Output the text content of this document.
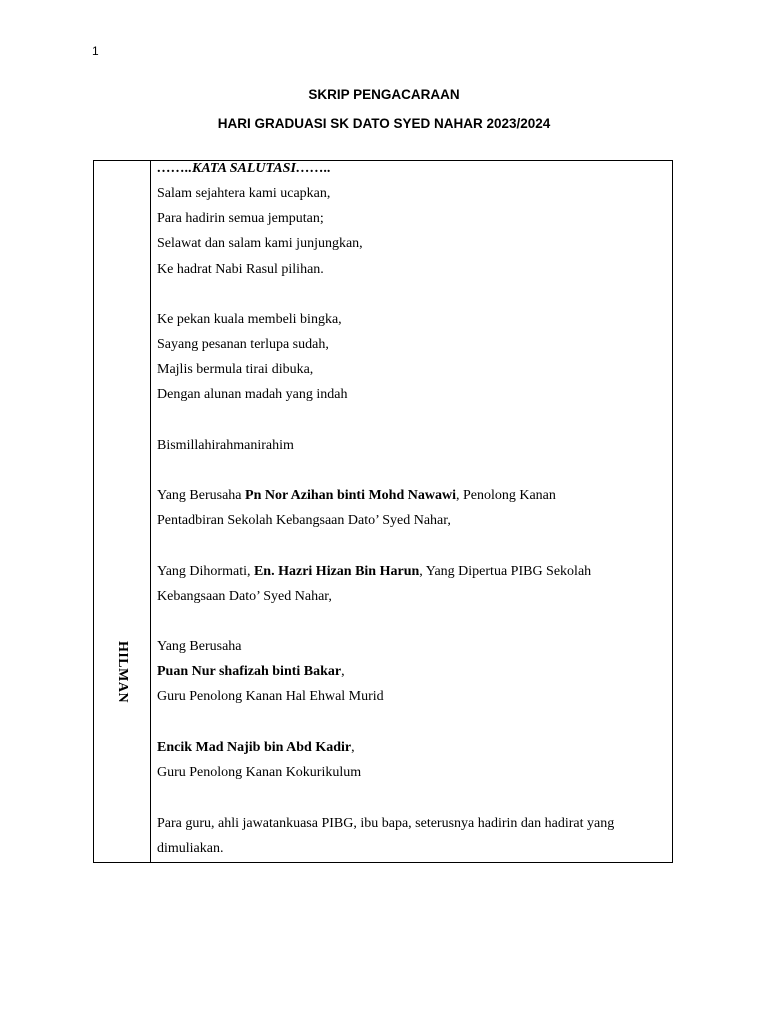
1
SKRIP PENGACARAAN
HARI GRADUASI SK DATO SYED NAHAR 2023/2024
HILMAN
……..KATA SALUTASI……..
Salam sejahtera kami ucapkan,
Para hadirin semua jemputan;
Selawat dan salam kami junjungkan,
Ke hadrat Nabi Rasul pilihan.
Ke pekan kuala membeli bingka,
Sayang pesanan terlupa sudah,
Majlis bermula tirai dibuka,
Dengan alunan madah yang indah
Bismillahirahmanirahim
Yang Berusaha Pn Nor Azihan binti Mohd Nawawi, Penolong Kanan
Pentadbiran Sekolah Kebangsaan Dato’ Syed Nahar,
Yang Dihormati, En. Hazri Hizan Bin Harun, Yang Dipertua PIBG Sekolah
Kebangsaan Dato’ Syed Nahar,
Yang Berusaha
Puan Nur shafizah binti Bakar,
Guru Penolong Kanan Hal Ehwal Murid
Encik Mad Najib bin Abd Kadir,
Guru Penolong Kanan Kokurikulum
Para guru, ahli jawatankuasa PIBG, ibu bapa, seterusnya hadirin dan hadirat yang
dimuliakan.
